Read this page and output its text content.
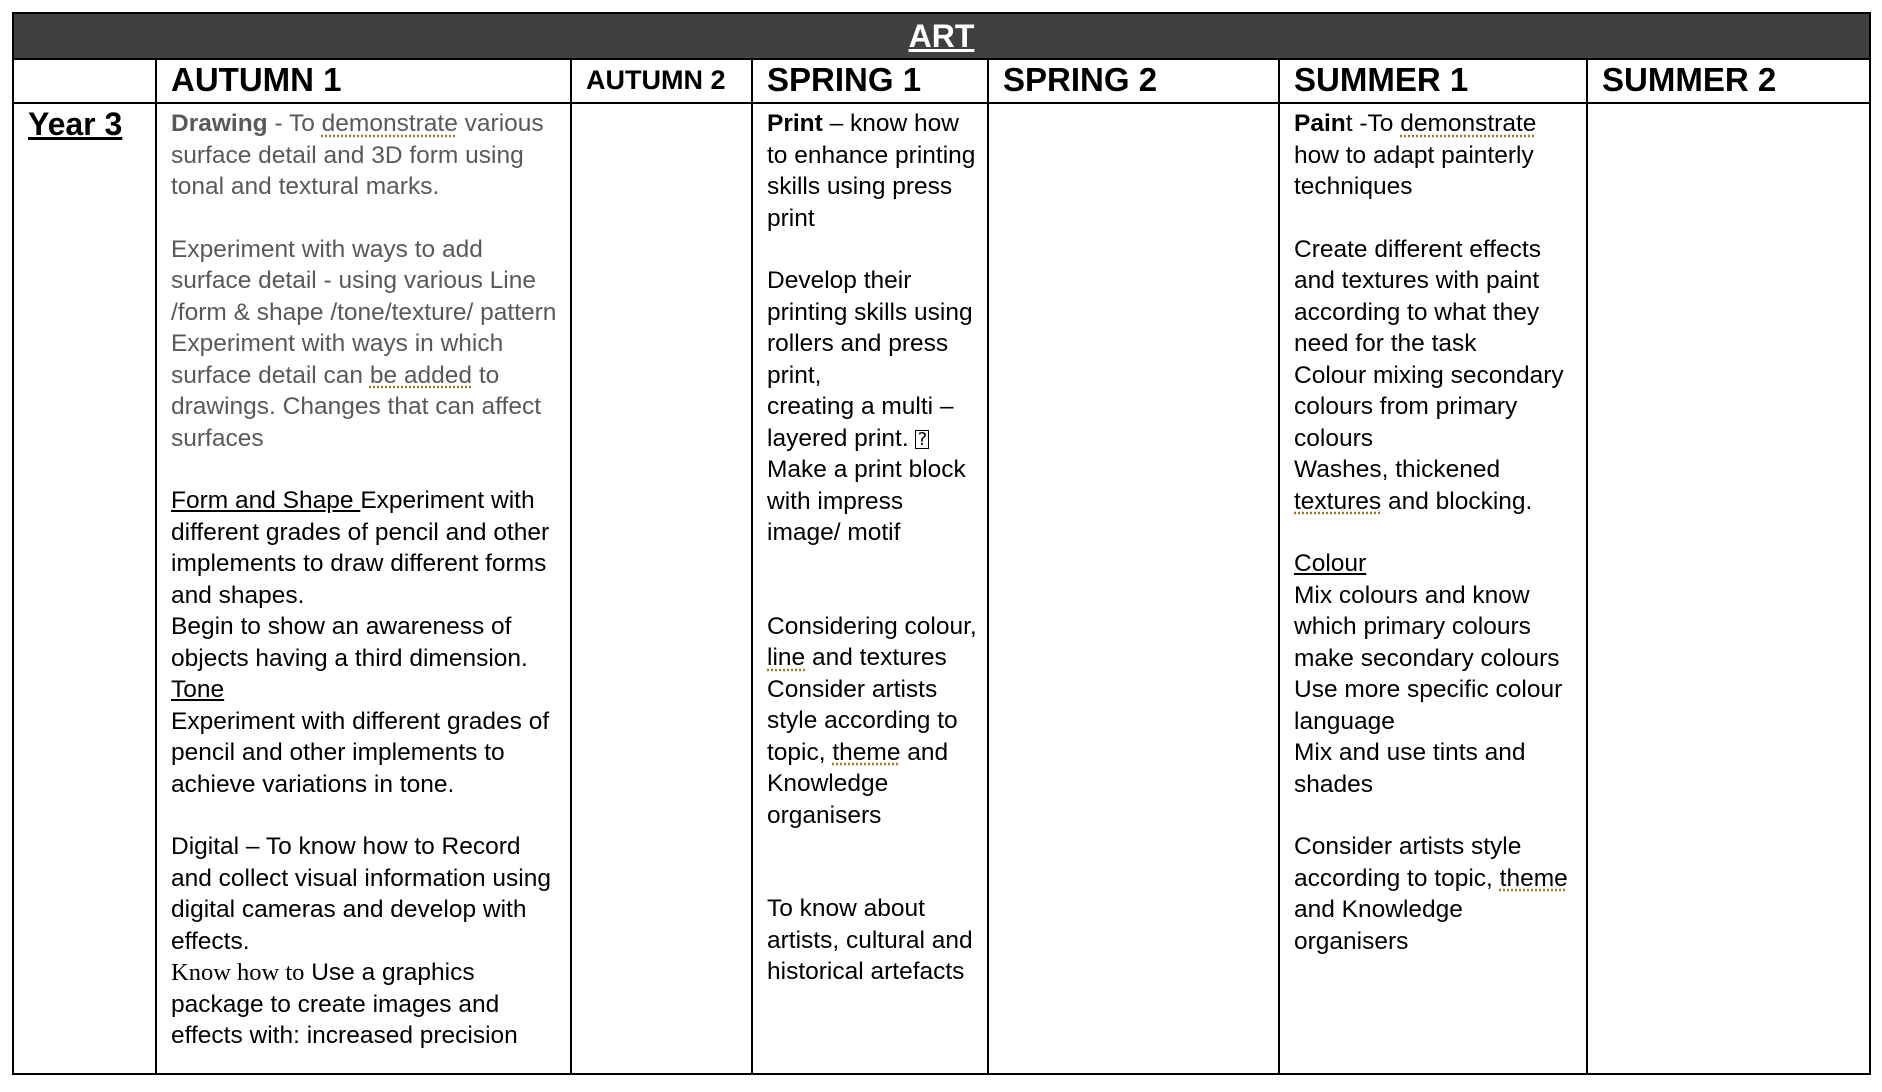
ART
Year 3
AUTUMN 1

Drawing - To demonstrate various surface detail and 3D form using tonal and textural marks.

Experiment with ways to add surface detail - using various Line /form & shape /tone/texture/ pattern

Experiment with ways in which surface detail can be added to drawings. Changes that can affect surfaces

Form and Shape Experiment with different grades of pencil and other implements to draw different forms and shapes.

Begin to show an awareness of objects having a third dimension.

Tone

Experiment with different grades of pencil and other implements to achieve variations in tone.

Digital – To know how to Record and collect visual information using digital cameras and develop with effects.

Know how to Use a graphics package to create images and effects with: increased precision

AUTUMN 2	SPRING 1

Print – know how to enhance printing skills using press print

Develop their printing skills using rollers and press print,

creating a multi – layered print. ?

Make a print block with impress image/ motif

Considering colour, line and textures

Consider artists style according to topic, theme and Knowledge organisers

To know about artists, cultural and historical artefacts

SPRING 2	SUMMER 1

Paint -To demonstrate how to adapt painterly techniques

Create different effects and textures with paint according to what they need for the task

Colour mixing secondary colours from primary colours

Washes, thickened textures and blocking.

Colour

Mix colours and know which primary colours make secondary colours

Use more specific colour language

Mix and use tints and shades

Consider artists style according to topic, theme and Knowledge organisers

SUMMER 2
